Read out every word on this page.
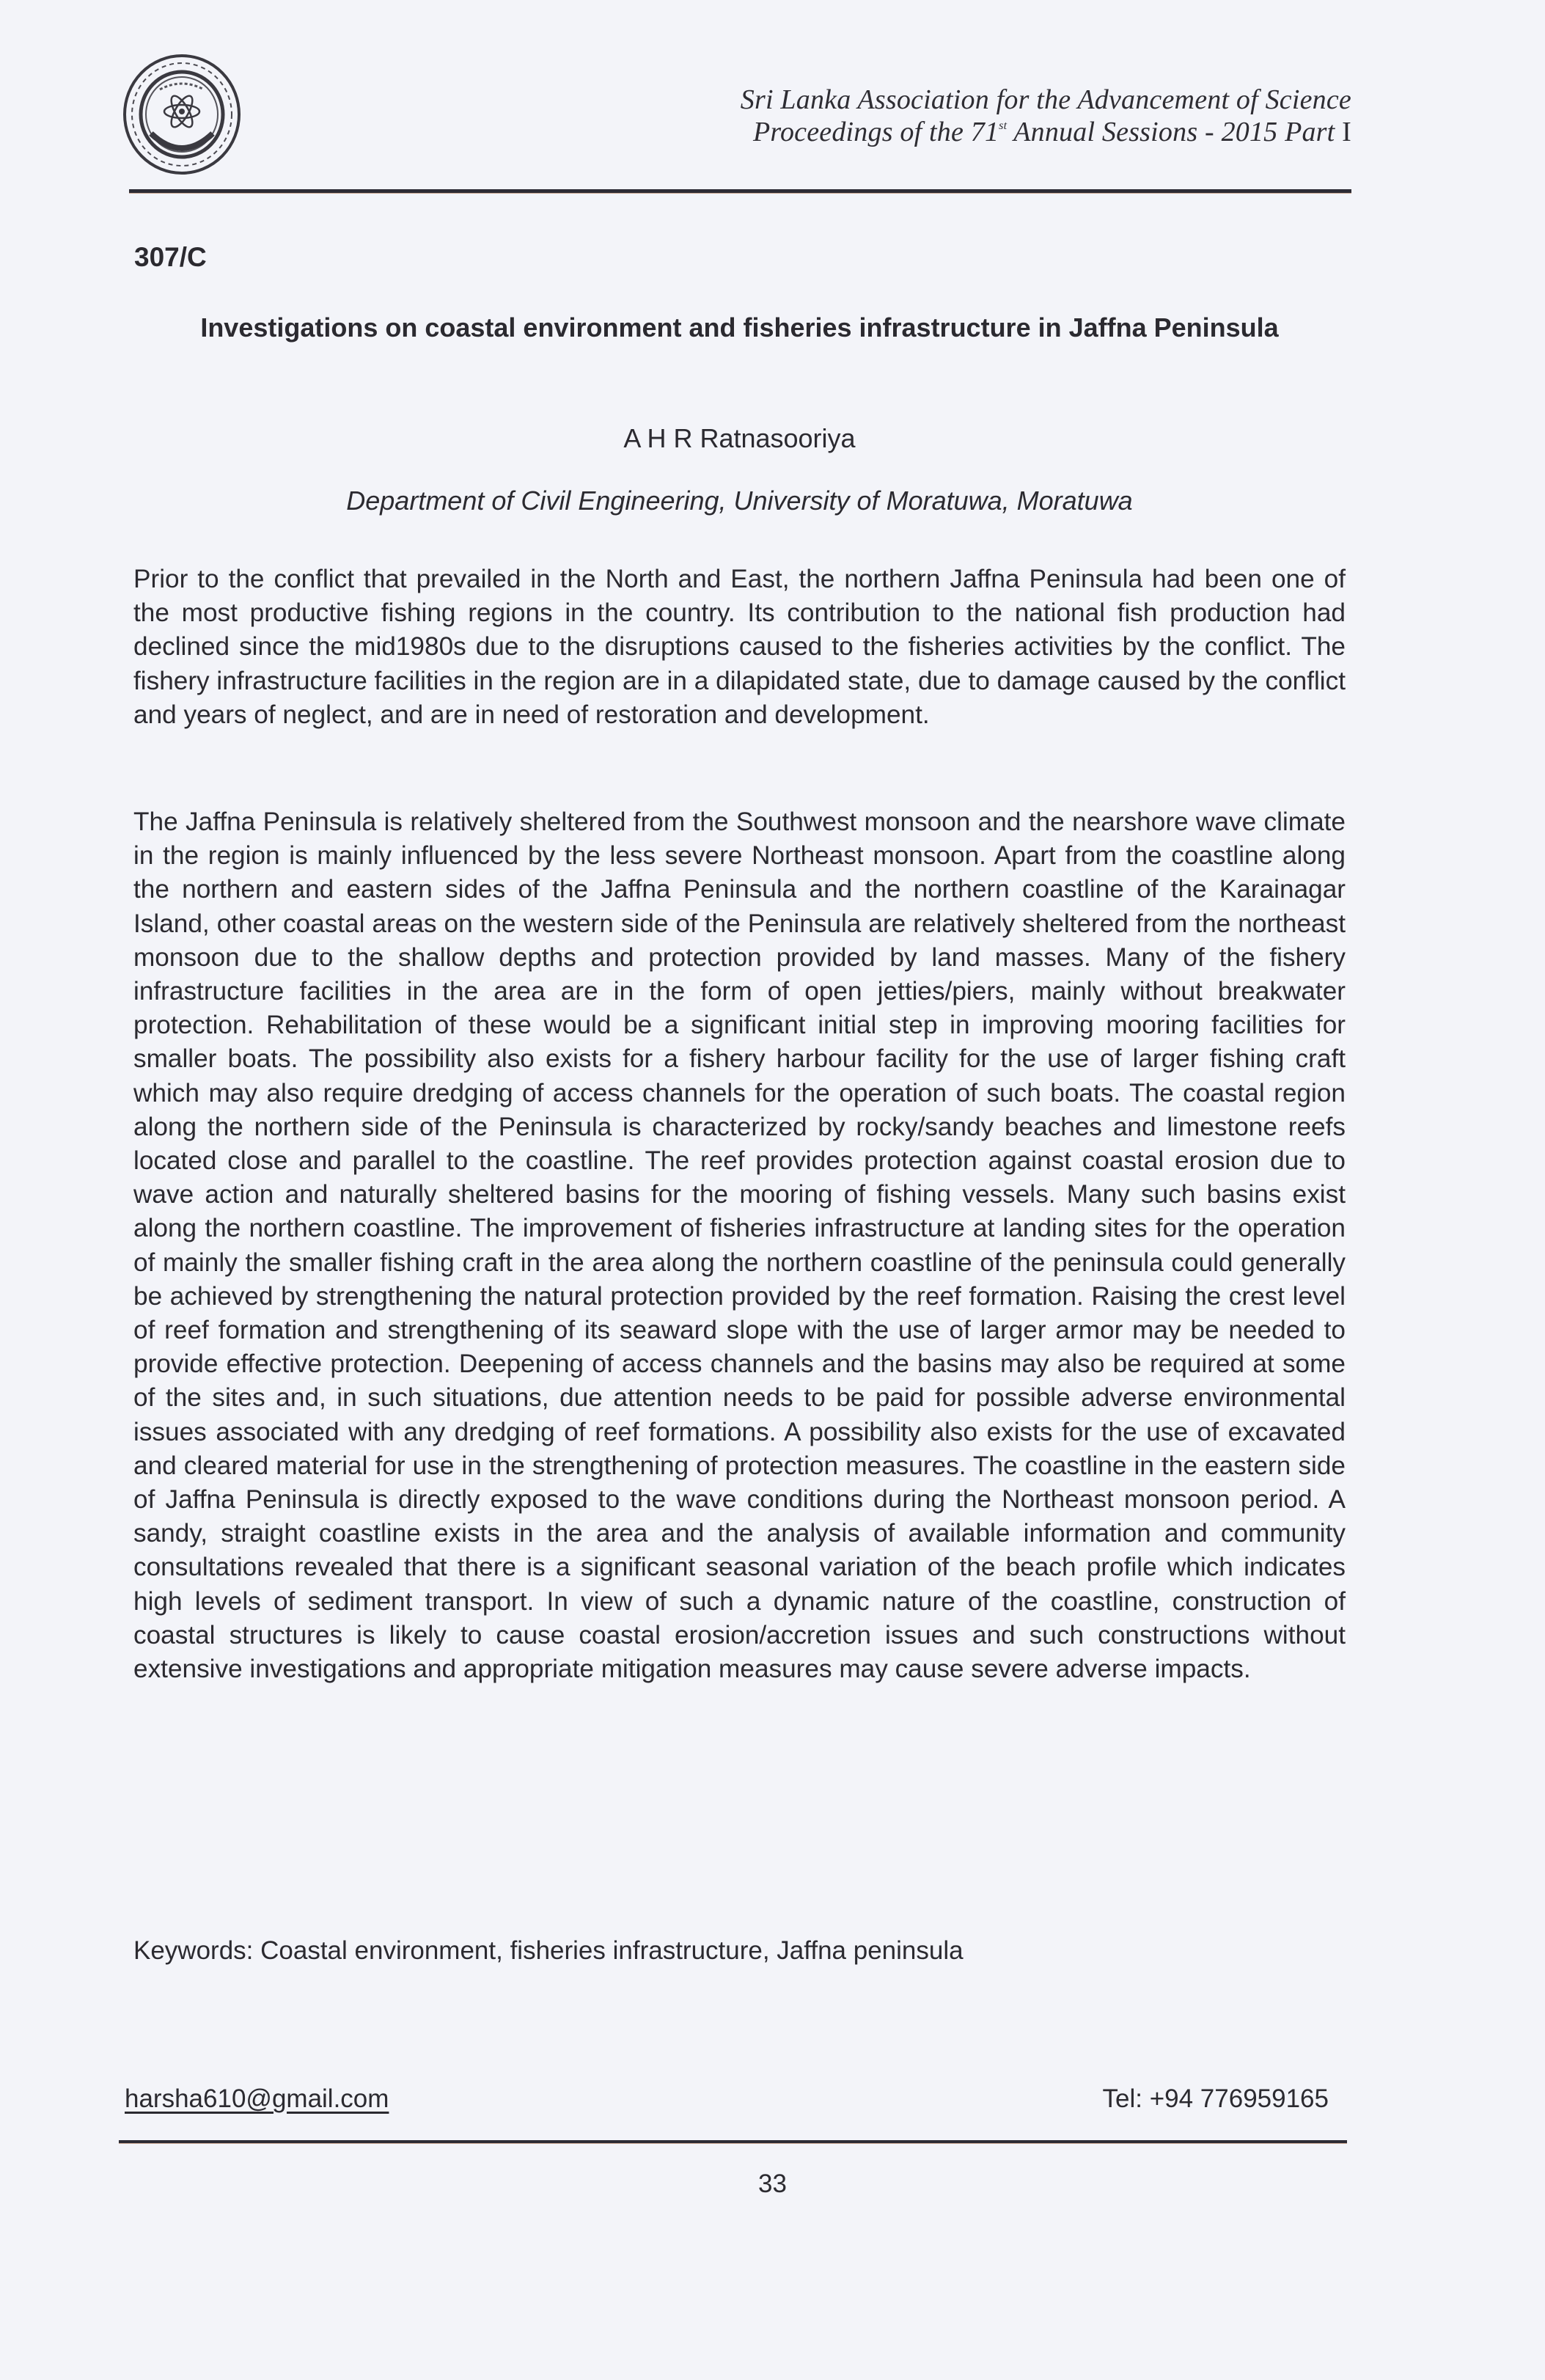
Sri Lanka Association for the Advancement of Science
Proceedings of the 71st Annual Sessions - 2015 Part I
307/C
Investigations on coastal environment and fisheries infrastructure in Jaffna Peninsula
A H R Ratnasooriya
Department of Civil Engineering, University of Moratuwa, Moratuwa
Prior to the conflict that prevailed in the North and East, the northern Jaffna Peninsula had been one of the most productive fishing regions in the country. Its contribution to the national fish production had declined since the mid1980s due to the disruptions caused to the fisheries activities by the conflict. The fishery infrastructure facilities in the region are in a dilapidated state, due to damage caused by the conflict and years of neglect, and are in need of restoration and development.
The Jaffna Peninsula is relatively sheltered from the Southwest monsoon and the nearshore wave climate in the region is mainly influenced by the less severe Northeast monsoon. Apart from the coastline along the northern and eastern sides of the Jaffna Peninsula and the northern coastline of the Karainagar Island, other coastal areas on the western side of the Peninsula are relatively sheltered from the northeast monsoon due to the shallow depths and protection provided by land masses. Many of the fishery infrastructure facilities in the area are in the form of open jetties/piers, mainly without breakwater protection. Rehabilitation of these would be a significant initial step in improving mooring facilities for smaller boats. The possibility also exists for a fishery harbour facility for the use of larger fishing craft which may also require dredging of access channels for the operation of such boats. The coastal region along the northern side of the Peninsula is characterized by rocky/sandy beaches and limestone reefs located close and parallel to the coastline. The reef provides protection against coastal erosion due to wave action and naturally sheltered basins for the mooring of fishing vessels. Many such basins exist along the northern coastline. The improvement of fisheries infrastructure at landing sites for the operation of mainly the smaller fishing craft in the area along the northern coastline of the peninsula could generally be achieved by strengthening the natural protection provided by the reef formation. Raising the crest level of reef formation and strengthening of its seaward slope with the use of larger armor may be needed to provide effective protection. Deepening of access channels and the basins may also be required at some of the sites and, in such situations, due attention needs to be paid for possible adverse environmental issues associated with any dredging of reef formations. A possibility also exists for the use of excavated and cleared material for use in the strengthening of protection measures. The coastline in the eastern side of Jaffna Peninsula is directly exposed to the wave conditions during the Northeast monsoon period. A sandy, straight coastline exists in the area and the analysis of available information and community consultations revealed that there is a significant seasonal variation of the beach profile which indicates high levels of sediment transport. In view of such a dynamic nature of the coastline, construction of coastal structures is likely to cause coastal erosion/accretion issues and such constructions without extensive investigations and appropriate mitigation measures may cause severe adverse impacts.
Keywords: Coastal environment, fisheries infrastructure, Jaffna peninsula
harsha610@gmail.com	Tel: +94 776959165
33
